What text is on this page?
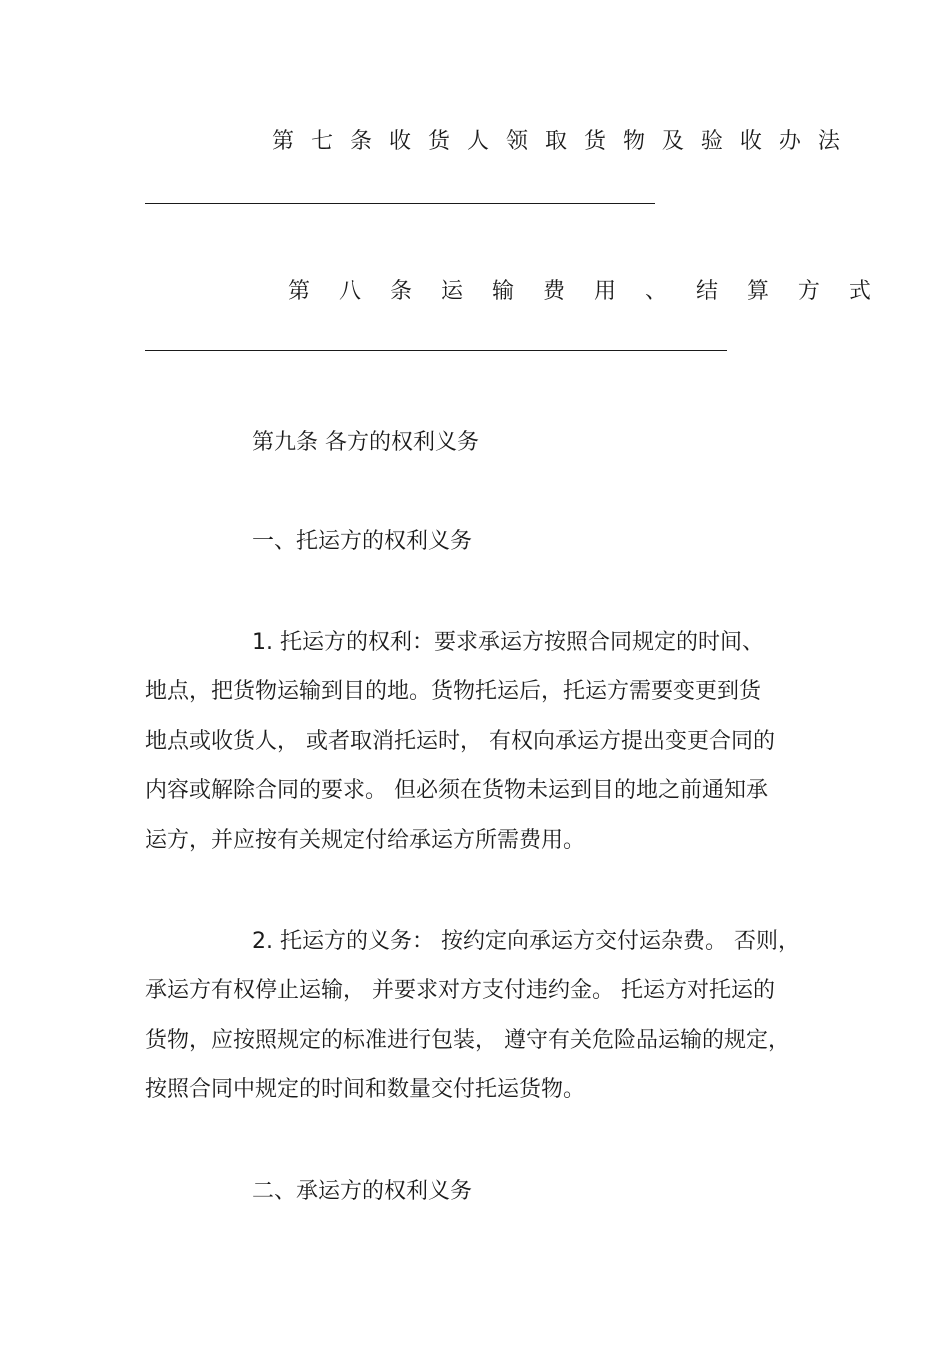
第 七 条 收 货 人 领 取 货 物 及 验 收 办 法
第 八 条 运 输 费 用 、 结 算 方 式
第九条 各方的权利义务
一、托运方的权利义务
1. 托运方的权利：要求承运方按照合同规定的时间、
地点，把货物运输到目的地。货物托运后，托运方需要变更到货
地点或收货人， 或者取消托运时， 有权向承运方提出变更合同的
内容或解除合同的要求。 但必须在货物未运到目的地之前通知承
运方，并应按有关规定付给承运方所需费用。
2. 托运方的义务： 按约定向承运方交付运杂费。 否则，
承运方有权停止运输， 并要求对方支付违约金。 托运方对托运的
货物，应按照规定的标准进行包装， 遵守有关危险品运输的规定，
按照合同中规定的时间和数量交付托运货物。
二、承运方的权利义务
